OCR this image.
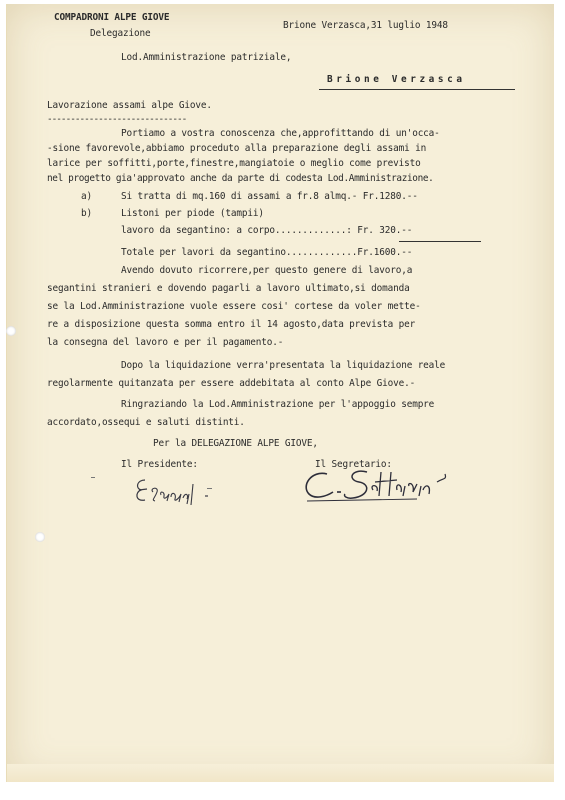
COMPADRONI ALPE GIOVE
Delegazione
Brione Verzasca,31 luglio 1948
Lod.Amministrazione patriziale,
Brione Verzasca
Lavorazione assami alpe Giove.
------------------------------
Portiamo a vostra conoscenza che,approfittando di un'occa-
-sione favorevole,abbiamo proceduto alla preparazione degli assami in
larice per soffitti,porte,finestre,mangiatoie o meglio come previsto
nel progetto gia'approvato anche da parte di codesta Lod.Amministrazione.
a)	Si tratta di mq.160 di assami a fr.8 almq.- Fr.1280.--
b)	Listoni per piode (tampii)
lavoro da segantino: a corpo.............: Fr. 320.--
Totale per lavori da segantino.............Fr.1600.--
Avendo dovuto ricorrere,per questo genere di lavoro,a
segantini stranieri e dovendo pagarli a lavoro ultimato,si domanda
se la Lod.Amministrazione vuole essere cosi' cortese da voler mette-
re a disposizione questa somma entro il 14 agosto,data prevista per
la consegna del lavoro e per il pagamento.-
Dopo la liquidazione verra'presentata la liquidazione reale
regolarmente quitanzata per essere addebitata al conto Alpe Giove.-
Ringraziando la Lod.Amministrazione per l'appoggio sempre
accordato,ossequi e saluti distinti.
Per la DELEGAZIONE ALPE GIOVE,
Il Presidente:	Il Segretario:
